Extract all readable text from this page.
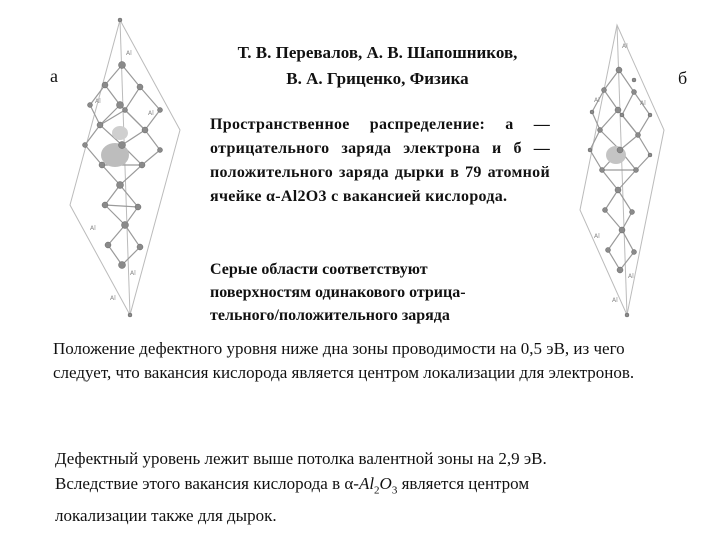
Al
Al
Al
Al
Al
Al
Al
Al	Al
Al
Al
Al
а	б
Т. В. Перевалов, А. В. Шапошников,
В. А. Гриценко, Физика
Пространственное распределение: а — отрицательного заряда электрона и б — положительного заряда дырки в 79 атомной ячейке α-Al2O3 с вакансией кислорода.
Серые области соответствуют
поверхностям одинакового отрица-
тельного/положительного заряда
Положение дефектного уровня ниже дна зоны проводимости на 0,5 эВ, из чего следует, что вакансия кислорода является центром локализации для электронов.
Дефектный уровень лежит выше потолка валентной зоны на 2,9 эВ.
Вследствие этого вакансия кислорода в $\alpha-Al_2O_3$ является центром
локализации также для дырок.
